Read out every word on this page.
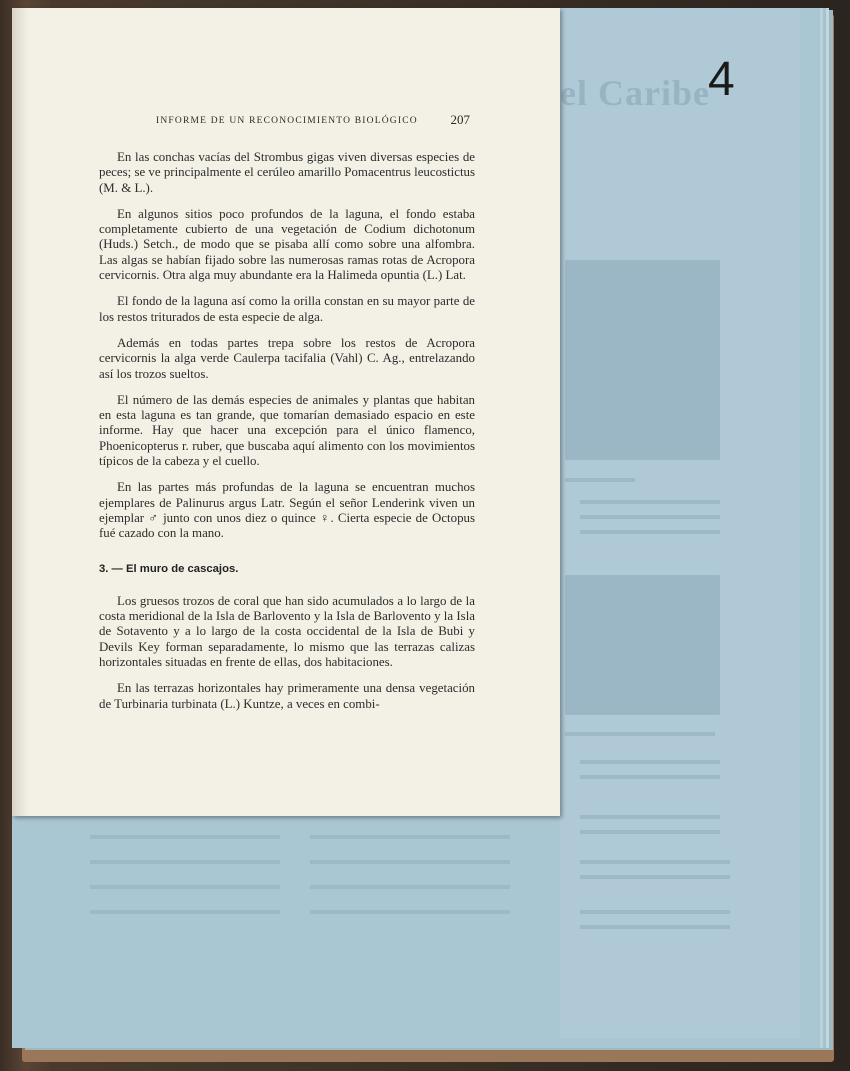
el Caribe
4
INFORME DE UN RECONOCIMIENTO BIOLÓGICO	207

En las conchas vacías del Strombus gigas viven diversas especies de peces; se ve principalmente el cerúleo amarillo Pomacentrus leucostictus (M. & L.).

En algunos sitios poco profundos de la laguna, el fondo estaba completamente cubierto de una vegetación de Codium dichotonum (Huds.) Setch., de modo que se pisaba allí como sobre una alfombra. Las algas se habían fijado sobre las numerosas ramas rotas de Acropora cervicornis. Otra alga muy abundante era la Halimeda opuntia (L.) Lat.

El fondo de la laguna así como la orilla constan en su mayor parte de los restos triturados de esta especie de alga.

Además en todas partes trepa sobre los restos de Acropora cervicornis la alga verde Caulerpa tacifalia (Vahl) C. Ag., entrelazando así los trozos sueltos.

El número de las demás especies de animales y plantas que habitan en esta laguna es tan grande, que tomarían demasiado espacio en este informe. Hay que hacer una excepción para el único flamenco, Phoenicopterus r. ruber, que buscaba aquí alimento con los movimientos típicos de la cabeza y el cuello.

En las partes más profundas de la laguna se encuentran muchos ejemplares de Palinurus argus Latr. Según el señor Lenderink viven un ejemplar ♂ junto con unos diez o quince ♀. Cierta especie de Octopus fué cazado con la mano.

3. — El muro de cascajos.

Los gruesos trozos de coral que han sido acumulados a lo largo de la costa meridional de la Isla de Barlovento y la Isla de Barlovento y la Isla de Sotavento y a lo largo de la costa occidental de la Isla de Bubi y Devils Key forman separadamente, lo mismo que las terrazas calizas horizontales situadas en frente de ellas, dos habitaciones.

En las terrazas horizontales hay primeramente una densa vegetación de Turbinaria turbinata (L.) Kuntze, a veces en combi-
